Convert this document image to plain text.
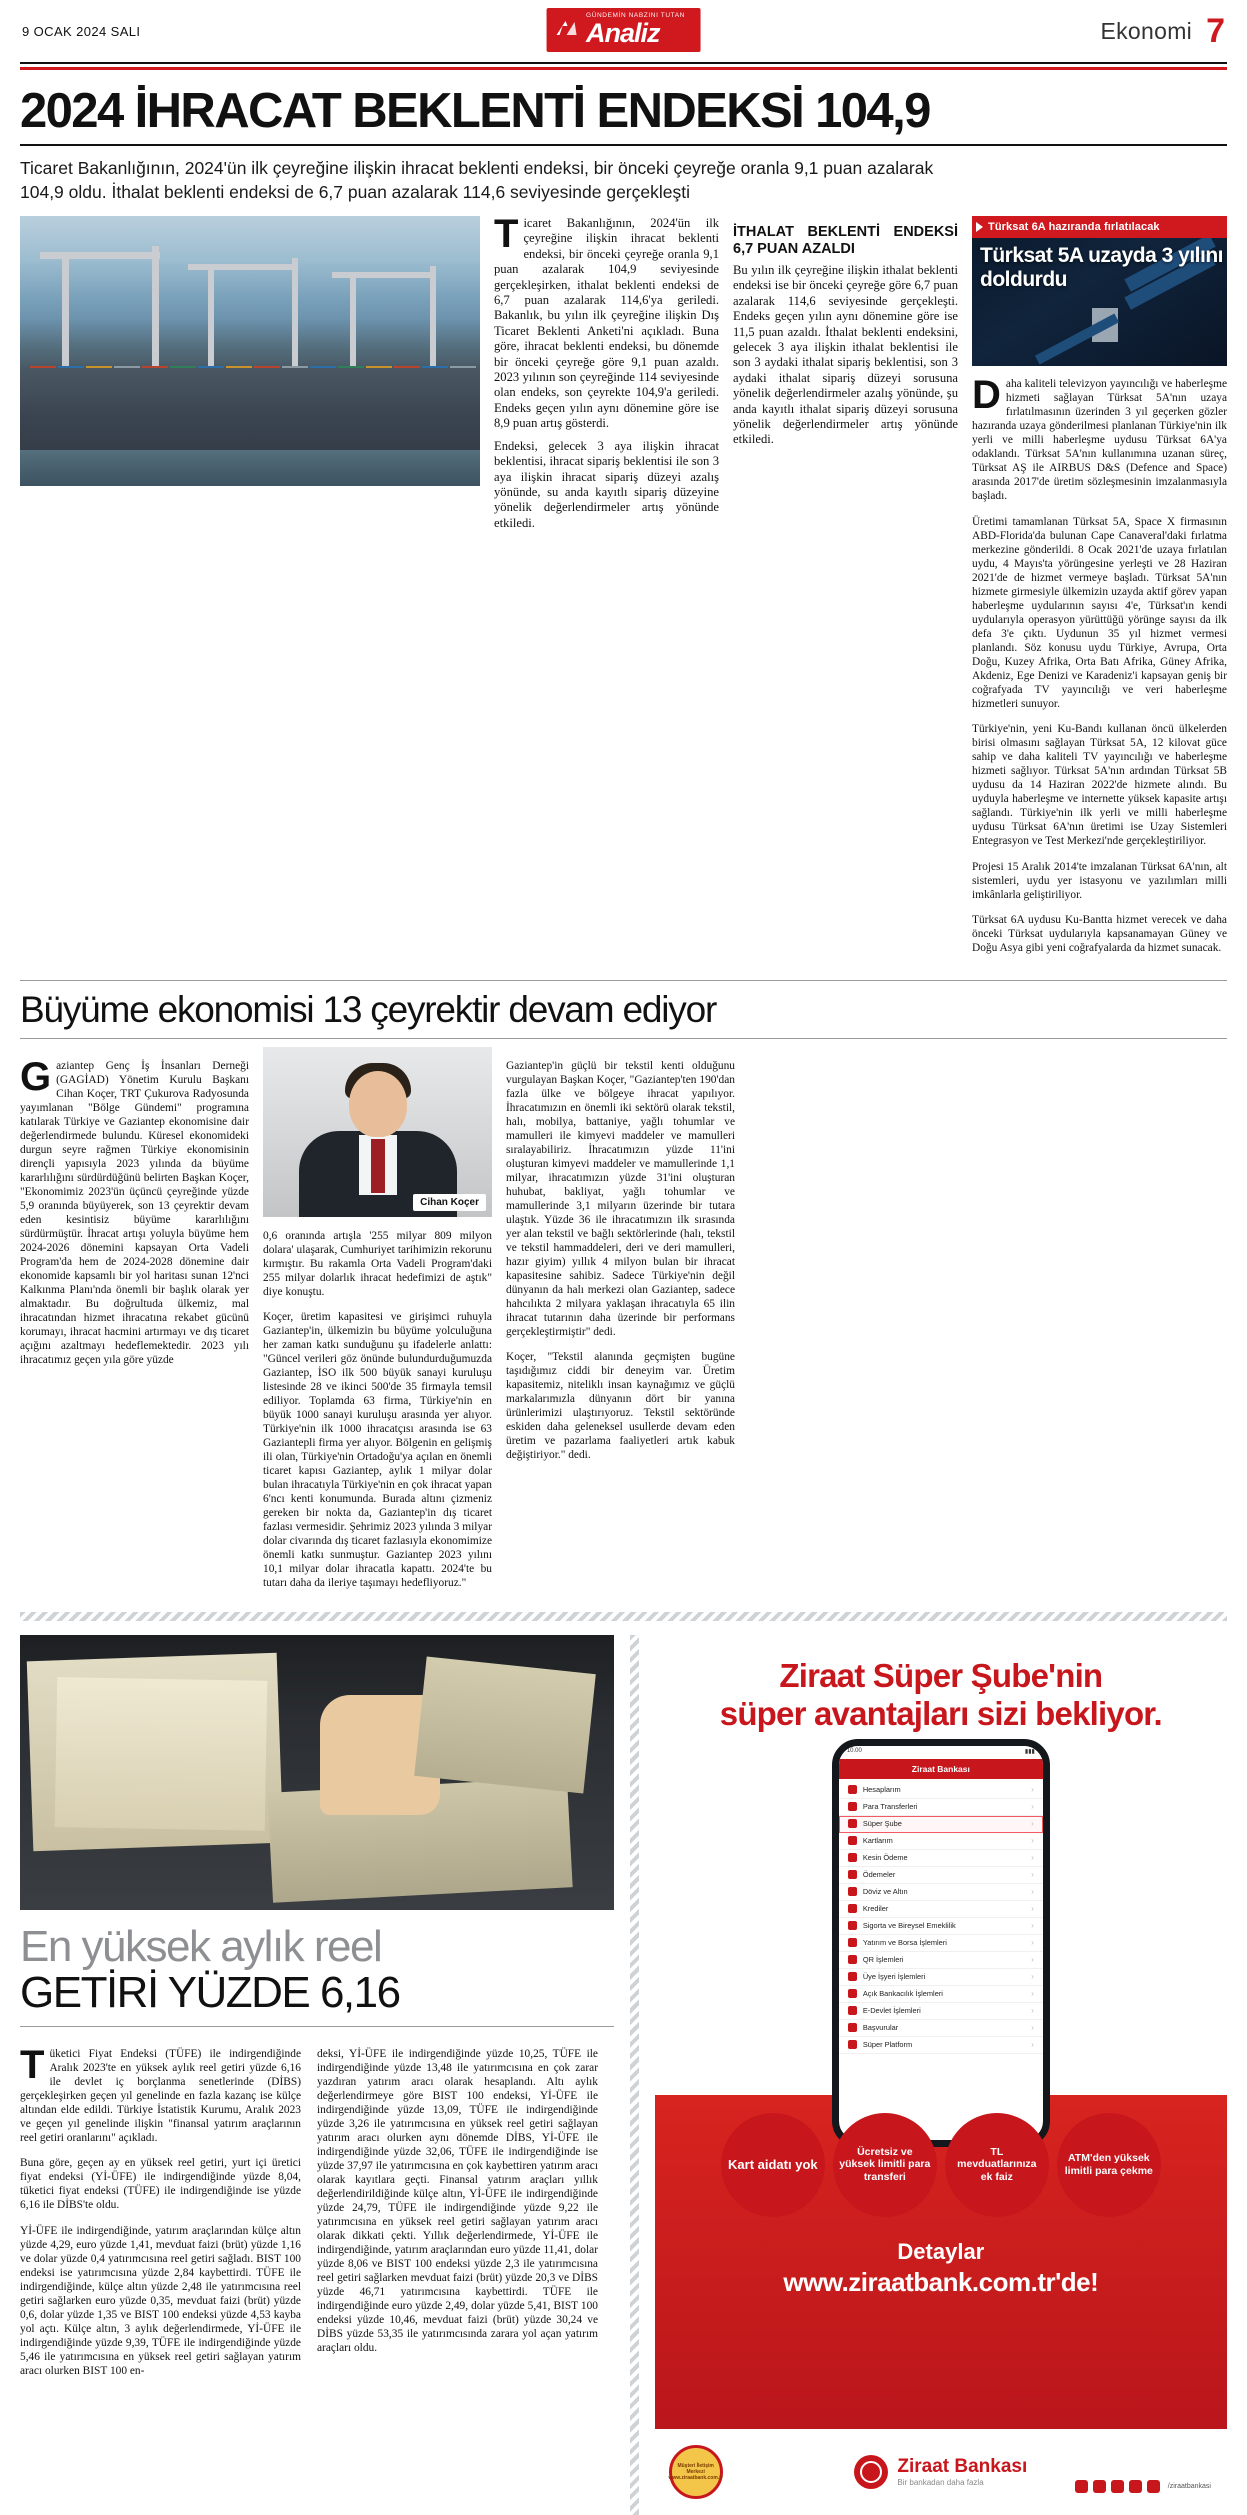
9 OCAK 2024 SALI
GÜNDEMİN NABZINI TUTAN
Analiz	Ekonomi 7
2024 İHRACAT BEKLENTİ ENDEKSİ 104,9
Ticaret Bakanlığının, 2024'ün ilk çeyreğine ilişkin ihracat beklenti endeksi, bir önceki çeyreğe oranla 9,1 puan azalarak 104,9 oldu. İthalat beklenti endeksi de 6,7 puan azalarak 114,6 seviyesinde gerçekleşti

Ticaret Bakanlığının, 2024'ün ilk çeyreğine ilişkin ihracat beklenti endeksi, bir önceki çeyreğe oranla 9,1 puan azalarak 104,9 seviyesinde gerçekleşirken, ithalat beklenti endeksi de 6,7 puan azalarak 114,6'ya geriledi. Bakanlık, bu yılın ilk çeyreğine ilişkin Dış Ticaret Beklenti Anketi'ni açıkladı. Buna göre, ihracat beklenti endeksi, bu dönemde bir önceki çeyreğe göre 9,1 puan azaldı. 2023 yılının son çeyreğinde 114 seviyesinde olan endeks, son çeyrekte 104,9'a geriledi. Endeks geçen yılın aynı dönemine göre ise 8,9 puan artış gösterdi.

Endeksi, gelecek 3 aya ilişkin ihracat beklentisi, ihracat sipariş beklentisi ile son 3 aya ilişkin ihracat sipariş düzeyi azalış yönünde, su anda kayıtlı sipariş düzeyine yönelik değerlendirmeler artış yönünde etkiledi.

İTHALAT BEKLENTİ ENDEKSİ 6,7 PUAN AZALDI

Bu yılın ilk çeyreğine ilişkin ithalat beklenti endeksi ise bir önceki çeyreğe göre 6,7 puan azalarak 114,6 seviyesinde gerçekleşti. Endeks geçen yılın aynı dönemine göre ise 11,5 puan azaldı. İthalat beklenti endeksini, gelecek 3 aya ilişkin ithalat beklentisi ile son 3 aydaki ithalat sipariş beklentisi, son 3 aydaki ithalat sipariş düzeyi sorusuna yönelik değerlendirmeler azalış yönünde, şu anda kayıtlı ithalat sipariş düzeyi sorusuna yönelik değerlendirmeler artış yönünde etkiledi.

Türksat 6A hazıranda fırlatılacak
Türksat 5A uzayda 3 yılını doldurdu

Daha kaliteli televizyon yayıncılığı ve haberleşme hizmeti sağlayan Türksat 5A'nın uzaya fırlatılmasının üzerinden 3 yıl geçerken gözler hazıranda uzaya gönderilmesi planlanan Türkiye'nin ilk yerli ve milli haberleşme uydusu Türksat 6A'ya odaklandı. Türksat 5A'nın kullanımına uzanan süreç, Türksat AŞ ile AIRBUS D&S (Defence and Space) arasında 2017'de üretim sözleşmesinin imzalanmasıyla başladı.

Üretimi tamamlanan Türksat 5A, Space X firmasının ABD-Florida'da bulunan Cape Canaveral'daki fırlatma merkezine gönderildi. 8 Ocak 2021'de uzaya fırlatılan uydu, 4 Mayıs'ta yörüngesine yerleşti ve 28 Haziran 2021'de de hizmet vermeye başladı. Türksat 5A'nın hizmete girmesiyle ülkemizin uzayda aktif görev yapan haberleşme uydularının sayısı 4'e, Türksat'ın kendi uydularıyla operasyon yürüttüğü yörünge sayısı da ilk defa 3'e çıktı. Uydunun 35 yıl hizmet vermesi planlandı. Söz konusu uydu Türkiye, Avrupa, Orta Doğu, Kuzey Afrika, Orta Batı Afrika, Güney Afrika, Akdeniz, Ege Denizi ve Karadeniz'i kapsayan geniş bir coğrafyada TV yayıncılığı ve veri haberleşme hizmetleri sunuyor.

Türkiye'nin, yeni Ku-Bandı kullanan öncü ülkelerden birisi olmasını sağlayan Türksat 5A, 12 kilovat güce sahip ve daha kaliteli TV yayıncılığı ve haberleşme hizmeti sağlıyor. Türksat 5A'nın ardından Türksat 5B uydusu da 14 Haziran 2022'de hizmete alındı. Bu uyduyla haberleşme ve internette yüksek kapasite artışı sağlandı. Türkiye'nin ilk yerli ve milli haberleşme uydusu Türksat 6A'nın üretimi ise Uzay Sistemleri Entegrasyon ve Test Merkezi'nde gerçekleştiriliyor.

Projesi 15 Aralık 2014'te imzalanan Türksat 6A'nın, alt sistemleri, uydu yer istasyonu ve yazılımları milli imkânlarla geliştiriliyor.

Türksat 6A uydusu Ku-Bantta hizmet verecek ve daha önceki Türksat uydularıyla kapsanamayan Güney ve Doğu Asya gibi yeni coğrafyalarda da hizmet sunacak.

Büyüme ekonomisi 13 çeyrektir devam ediyor

Gaziantep Genç İş İnsanları Derneği (GAGİAD) Yönetim Kurulu Başkanı Cihan Koçer, TRT Çukurova Radyosunda yayımlanan "Bölge Gündemi" programına katılarak Türkiye ve Gaziantep ekonomisine dair değerlendirmede bulundu. Küresel ekonomideki durgun seyre rağmen Türkiye ekonomisinin dirençli yapısıyla 2023 yılında da büyüme kararlılığını sürdürdüğünü belirten Başkan Koçer, "Ekonomimiz 2023'ün üçüncü çeyreğinde yüzde 5,9 oranında büyüyerek, son 13 çeyrektir devam eden kesintisiz büyüme kararlılığını sürdürmüştür. İhracat artışı yoluyla büyüme hem 2024-2026 dönemini kapsayan Orta Vadeli Program'da hem de 2024-2028 dönemine dair ekonomide kapsamlı bir yol haritası sunan 12'nci Kalkınma Planı'nda önemli bir başlık olarak yer almaktadır. Bu doğrultuda ülkemiz, mal ihracatından hizmet ihracatına rekabet gücünü korumayı, ihracat hacmini artırmayı ve dış ticaret açığını azaltmayı hedeflemektedir. 2023 yılı ihracatımız geçen yıla göre yüzde

Cihan Koçer

0,6 oranında artışla '255 milyar 809 milyon dolara' ulaşarak, Cumhuriyet tarihimizin rekorunu kırmıştır. Bu rakamla Orta Vadeli Program'daki 255 milyar dolarlık ihracat hedefimizi de aştık" diye konuştu.

Koçer, üretim kapasitesi ve girişimci ruhuyla Gaziantep'in, ülkemizin bu büyüme yolculuğuna her zaman katkı sunduğunu şu ifadelerle anlattı: "Güncel verileri göz önünde bulundurduğumuzda Gaziantep, İSO ilk 500 büyük sanayi kuruluşu listesinde 28 ve ikinci 500'de 35 firmayla temsil ediliyor. Toplamda 63 firma, Türkiye'nin en büyük 1000 sanayi kuruluşu arasında yer alıyor. Türkiye'nin ilk 1000 ihracatçısı arasında ise 63 Gaziantepli firma yer alıyor. Bölgenin en gelişmiş ili olan, Türkiye'nin Ortadoğu'ya açılan en önemli ticaret kapısı Gaziantep, aylık 1 milyar dolar bulan ihracatıyla Türkiye'nin en çok ihracat yapan 6'ncı kenti konumunda. Burada altını çizmeniz gereken bir nokta da, Gaziantep'in dış ticaret fazlası vermesidir. Şehrimiz 2023 yılında 3 milyar dolar civarında dış ticaret fazlasıyla ekonomimize önemli katkı sunmuştur. Gaziantep 2023 yılını 10,1 milyar dolar ihracatla kapattı. 2024'te bu tutarı daha da ileriye taşımayı hedefliyoruz."

Gaziantep'in güçlü bir tekstil kenti olduğunu vurgulayan Başkan Koçer, "Gaziantep'ten 190'dan fazla ülke ve bölgeye ihracat yapılıyor. İhracatımızın en önemli iki sektörü olarak tekstil, halı, mobilya, battaniye, yağlı tohumlar ve mamulleri ile kimyevi maddeler ve mamulleri sıralayabiliriz. İhracatımızın yüzde 11'ini oluşturan kimyevi maddeler ve mamullerinde 1,1 milyar, ihracatımızın yüzde 31'ini oluşturan huhubat, bakliyat, yağlı tohumlar ve mamullerinde 3,1 milyarın üzerinde bir tutara ulaştık. Yüzde 36 ile ihracatımızın ilk sırasında yer alan tekstil ve bağlı sektörlerinde (halı, tekstil ve tekstil hammaddeleri, deri ve deri mamulleri, hazır giyim) yıllık 4 milyon bulan bir ihracat kapasitesine sahibiz. Sadece Türkiye'nin değil dünyanın da halı merkezi olan Gaziantep, sadece hahcılıkta 2 milyara yaklaşan ihracatıyla 65 ilin ihracat tutarının daha üzerinde bir performans gerçekleştirmiştir" dedi.

Koçer, "Tekstil alanında geçmişten bugüne taşıdığımız ciddi bir deneyim var. Üretim kapasitemiz, niteliklı insan kaynağımız ve güçlü markalarımızla dünyanın dört bir yanına ürünlerimizi ulaştırıyoruz. Tekstil sektöründe eskiden daha geleneksel usullerde devam eden üretim ve pazarlama faaliyetleri artık kabuk değiştiriyor." dedi.

En yüksek aylık reel
GETİRİ YÜZDE 6,16

Tüketici Fiyat Endeksi (TÜFE) ile indirgendiğinde Aralık 2023'te en yüksek aylık reel getiri yüzde 6,16 ile devlet iç borçlanma senetlerinde (DİBS) gerçekleşirken geçen yıl genelinde en fazla kazanç ise külçe altından elde edildi. Türkiye İstatistik Kurumu, Aralık 2023 ve geçen yıl genelinde ilişkin "finansal yatırım araçlarının reel getiri oranlarını" açıkladı.

Buna göre, geçen ay en yüksek reel getiri, yurt içi üretici fiyat endeksi (Yİ-ÜFE) ile indirgendiğinde yüzde 8,04, tüketici fiyat endeksi (TÜFE) ile indirgendiğinde ise yüzde 6,16 ile DİBS'te oldu.

Yİ-ÜFE ile indirgendiğinde, yatırım araçlarından külçe altın yüzde 4,29, euro yüzde 1,41, mevduat faizi (brüt) yüzde 1,16 ve dolar yüzde 0,4 yatırımcısına reel getiri sağladı. BIST 100 endeksi ise yatırımcısına yüzde 2,84 kaybettirdi. TÜFE ile indirgendiğinde, külçe altın yüzde 2,48 ile yatırımcısına reel getiri sağlarken euro yüzde 0,35, mevduat faizi (brüt) yüzde 0,6, dolar yüzde 1,35 ve BIST 100 endeksi yüzde 4,53 kayba yol açtı. Külçe altın, 3 aylık değerlendirmede, Yİ-ÜFE ile indirgendiğinde yüzde 9,39, TÜFE ile indirgendiğinde yüzde 5,46 ile yatırımcısına en yüksek reel getiri sağlayan yatırım aracı olurken BIST 100 en-

deksi, Yİ-ÜFE ile indirgendiğinde yüzde 10,25, TÜFE ile indirgendiğinde yüzde 13,48 ile yatırımcısına en çok zarar yazdıran yatırım aracı olarak hesaplandı. Altı aylık değerlendirmeye göre BIST 100 endeksi, Yİ-ÜFE ile indirgendiğinde yüzde 13,09, TÜFE ile indirgendiğinde yüzde 3,26 ile yatırımcısına en yüksek reel getiri sağlayan yatırım aracı olurken aynı dönemde DİBS, Yİ-ÜFE ile indirgendiğinde yüzde 32,06, TÜFE ile indirgendiğinde ise yüzde 37,97 ile yatırımcısına en çok kaybettiren yatırım aracı olarak kayıtlara geçti. Finansal yatırım araçları yıllık değerlendirildiğinde külçe altın, Yİ-ÜFE ile indirgendiğinde yüzde 24,79, TÜFE ile indirgendiğinde yüzde 9,22 ile yatırımcısına en yüksek reel getiri sağlayan yatırım aracı olarak dikkati çekti. Yıllık değerlendirmede, Yİ-ÜFE ile indirgendiğinde, yatırım araçlarından euro yüzde 11,41, dolar yüzde 8,06 ve BIST 100 endeksi yüzde 2,3 ile yatırımcısına reel getiri sağlarken mevduat faizi (brüt) yüzde 20,3 ve DİBS yüzde 46,71 yatırımcısına kaybettirdi. TÜFE ile indirgendiğinde euro yüzde 2,49, dolar yüzde 5,41, BIST 100 endeksi yüzde 10,46, mevduat faizi (brüt) yüzde 30,24 ve DİBS yüzde 53,35 ile yatırımcısında zarara yol açan yatırım araçları oldu.

Ziraat Süper Şube'nin
süper avantajları sizi bekliyor.
10.00	▮▮▮
Ziraat Bankası
Hesaplarım	›
Para Transferleri	›
Süper Şube	›
Kartlarım	›
Kesin Ödeme	›
Ödemeler	›
Döviz ve Altın	›
Krediler	›
Sigorta ve Bireysel Emeklilik	›
Yatırım ve Borsa İşlemleri	›
QR İşlemleri	›
Üye İşyeri İşlemleri	›
Açık Bankacılık İşlemleri	›
E-Devlet İşlemleri	›
Başvurular	›
Süper Platform	›
Kart aidatı yok
Ücretsiz ve yüksek limitli para transferi
TL mevduatlarınıza ek faiz
ATM'den yüksek limitli para çekme
Detaylar
www.ziraatbank.com.tr'de!
Ziraat Bankası
Bir bankadan daha fazla
Müşteri İletişim Merkezi www.ziraatbank.com.tr
/ziraatbankasi
